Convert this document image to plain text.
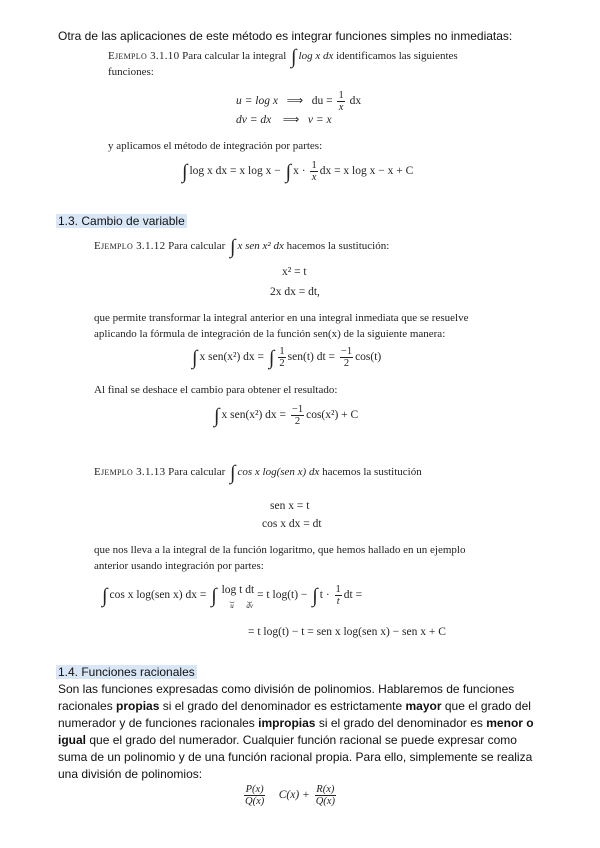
Otra de las aplicaciones de este método es integrar funciones simples no inmediatas:
Ejemplo 3.1.10 Para calcular la integral ∫ log x dx identificamos las siguientes
funciones:
u = log x ⟹ du = $\frac{1}{x}$ dx
dv = dx ⟹ v = x
y aplicamos el método de integración por partes:
∫ log x dx = x log x − ∫ $x \cdot \frac{1}{x}$ dx = x log x − x + C
1.3. Cambio de variable
Ejemplo 3.1.12 Para calcular ∫ x sen x² dx hacemos la sustitución:
x² = t
2x dx = dt,
que permite transformar la integral anterior en una integral inmediata que se resuelve
aplicando la fórmula de integración de la función sen(x) de la siguiente manera:
∫ x sen(x²) dx = ∫ $\frac{1}{2} sen(t)$ dt = $\frac{-1}{2} \cos(t)$
Al final se deshace el cambio para obtener el resultado:
∫ x sen(x²) dx = $\frac{-1}{2} \cos(x^2) + C$
Ejemplo 3.1.13 Para calcular ∫ cos x log(sen x) dx hacemos la sustitución
sen x = t
cos x dx = dt
que nos lleva a la integral de la función logaritmo, que hemos hallado en un ejemplo
anterior usando integración por partes:
∫ cos x log(sen x) dx = ∫ log t
⏟
u
dt
⏟
dv
= t log(t) − ∫ $t \cdot \frac{1}{t}$ dt =
= t log(t) − t = sen x log(sen x) − sen x + C
1.4. Funciones racionales
Son las funciones expresadas como división de polinomios. Hablaremos de funciones
racionales propias si el grado del denominador es estrictamente mayor que el grado del
numerador y de funciones racionales impropias si el grado del denominador es menor o
igual que el grado del numerador. Cualquier función racional se puede expresar como
suma de un polinomio y de una función racional propia. Para ello, simplemente se realiza
una división de polinomios:
$\frac{P(x)}{Q(x)} C(x) + \frac{R(x)}{Q(x)}$
